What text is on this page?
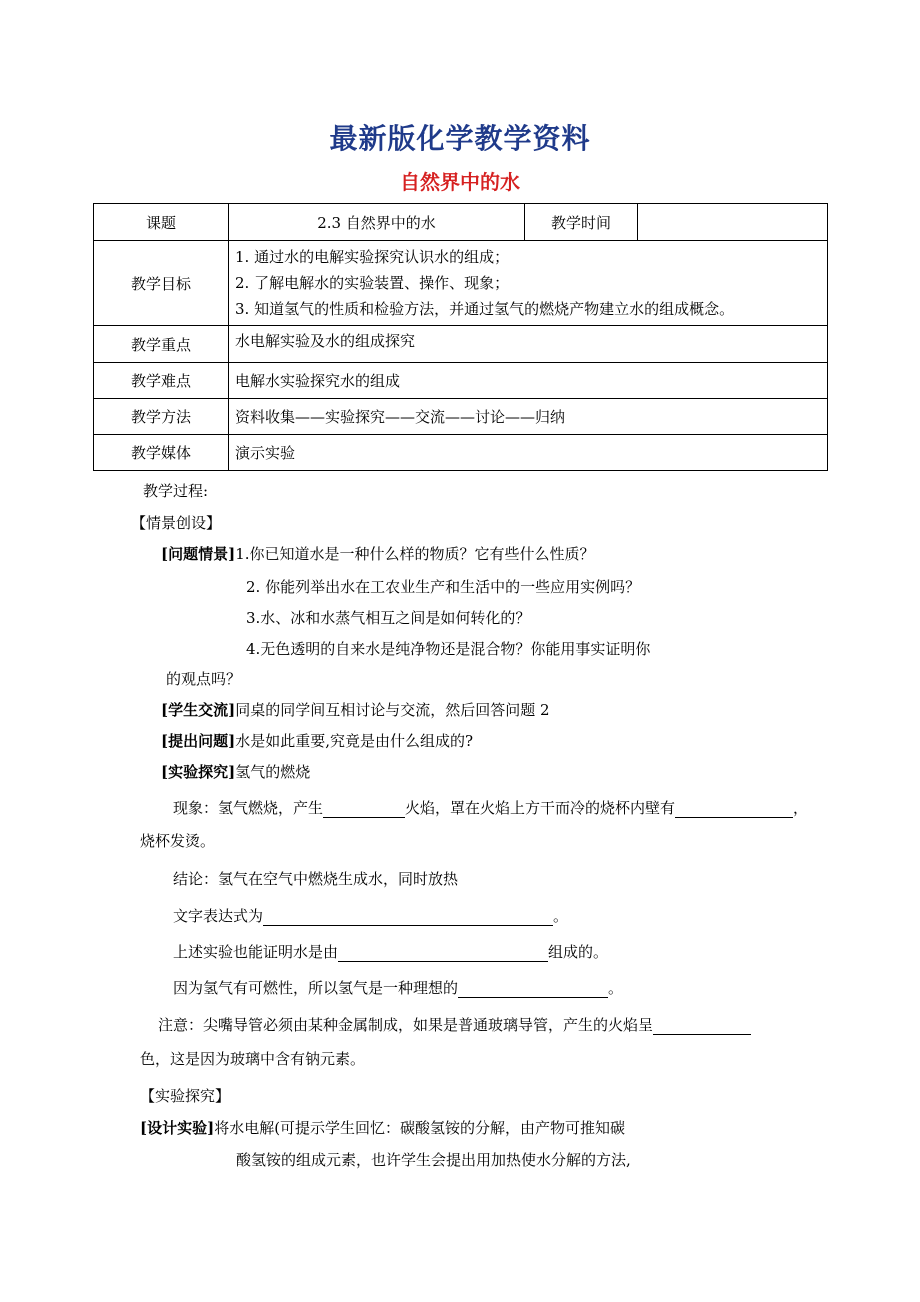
最新版化学教学资料
自然界中的水
课题	2.3 自然界中的水	教学时间	
教学目标	1. 通过水的电解实验探究认识水的组成；
2. 了解电解水的实验装置、操作、现象；
3. 知道氢气的性质和检验方法，并通过氢气的燃烧产物建立水的组成概念。		

教学重点	水电解实验及水的组成探究		
教学难点	电解水实验探究水的组成		
教学方法	资料收集——实验探究——交流——讨论——归纳		
教学媒体	演示实验		
教学过程:
【情景创设】
[问题情景]1.你已知道水是一种什么样的物质？它有些什么性质？
2. 你能列举出水在工农业生产和生活中的一些应用实例吗？
3.水、冰和水蒸气相互之间是如何转化的？
4.无色透明的自来水是纯净物还是混合物？你能用事实证明你
的观点吗？
[学生交流]同桌的同学间互相讨论与交流，然后回答问题 2
[提出问题]水是如此重要,究竟是由什么组成的?
[实验探究]氢气的燃烧
现象：氢气燃烧，产生	火焰，罩在火焰上方干而冷的烧杯内壁有	，
烧杯发烫。
结论：氢气在空气中燃烧生成水，同时放热
文字表达式为	。
上述实验也能证明水是由	组成的。
因为氢气有可燃性，所以氢气是一种理想的	。
注意：尖嘴导管必须由某种金属制成，如果是普通玻璃导管，产生的火焰呈
色，这是因为玻璃中含有钠元素。
【实验探究】
[设计实验]将水电解(可提示学生回忆：碳酸氢铵的分解，由产物可推知碳
酸氢铵的组成元素，也许学生会提出用加热使水分解的方法,
